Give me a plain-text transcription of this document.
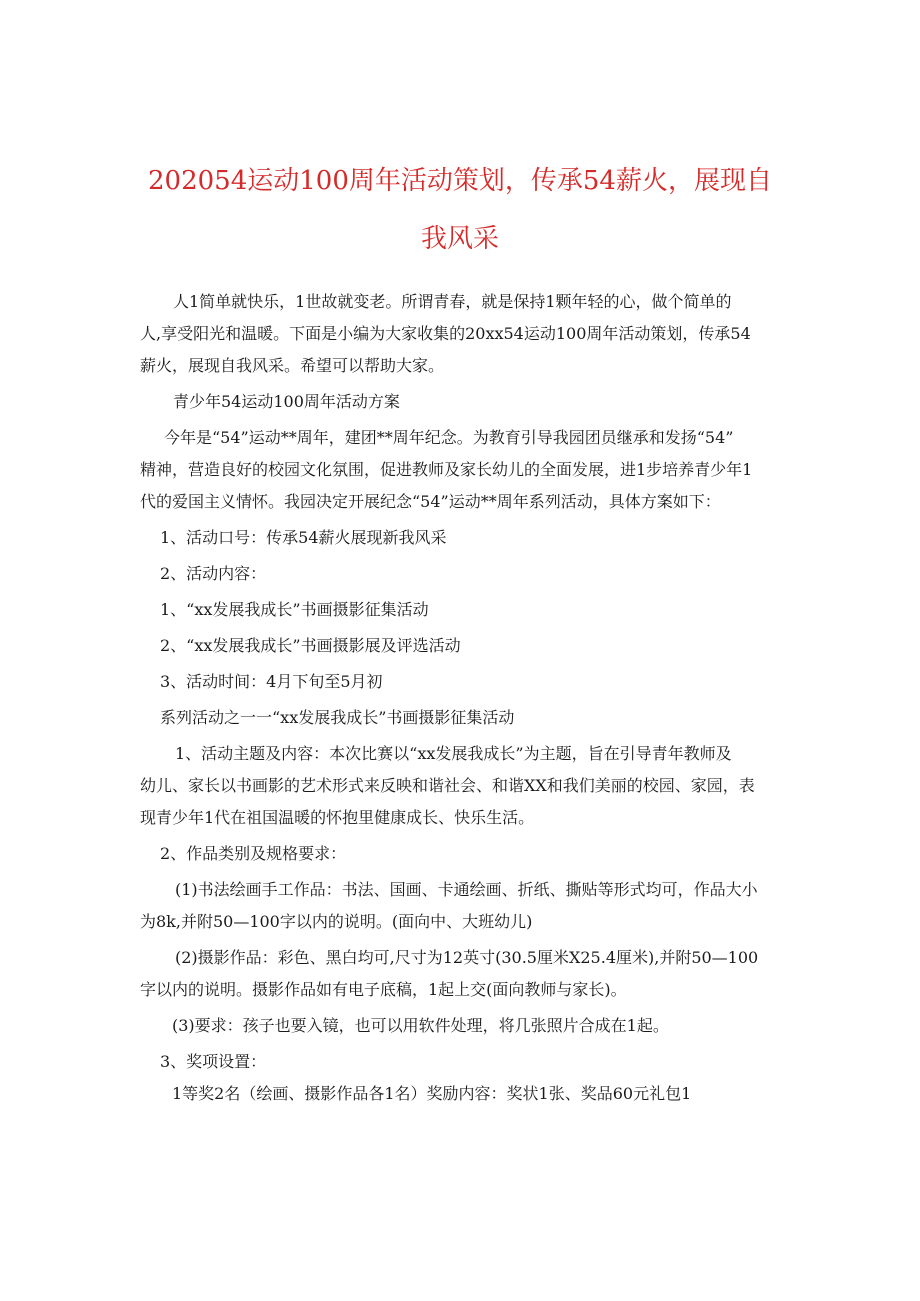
202054运动100周年活动策划，传承54薪火，展现自
我风采

人1简单就快乐，1世故就变老。所谓青春，就是保持1颗年轻的心，做个简单的

人,享受阳光和温暖。下面是小编为大家收集的20xx54运动100周年活动策划，传承54

薪火，展现自我风采。希望可以帮助大家。

青少年54运动100周年活动方案

今年是“54”运动**周年，建团**周年纪念。为教育引导我园团员继承和发扬“54”

精神，营造良好的校园文化氛围，促进教师及家长幼儿的全面发展，进1步培养青少年1

代的爱国主义情怀。我园决定开展纪念“54”运动**周年系列活动，具体方案如下：

1、活动口号：传承54薪火展现新我风采

2、活动内容：

1、“xx发展我成长”书画摄影征集活动

2、“xx发展我成长”书画摄影展及评选活动

3、活动时间：4月下旬至5月初

系列活动之一一“xx发展我成长”书画摄影征集活动

1、活动主题及内容：本次比赛以“xx发展我成长”为主题，旨在引导青年教师及

幼儿、家长以书画影的艺术形式来反映和谐社会、和谐XX和我们美丽的校园、家园，表

现青少年1代在祖国温暖的怀抱里健康成长、快乐生活。

2、作品类别及规格要求：

(1)书法绘画手工作品：书法、国画、卡通绘画、折纸、撕贴等形式均可，作品大小

为8k,并附50—100字以内的说明。(面向中、大班幼儿)

(2)摄影作品：彩色、黑白均可,尺寸为12英寸(30.5厘米X25.4厘米),并附50—100

字以内的说明。摄影作品如有电子底稿，1起上交(面向教师与家长)。

(3)要求：孩子也要入镜，也可以用软件处理，将几张照片合成在1起。

3、奖项设置：

1等奖2名（绘画、摄影作品各1名）奖励内容：奖状1张、奖品60元礼包1
